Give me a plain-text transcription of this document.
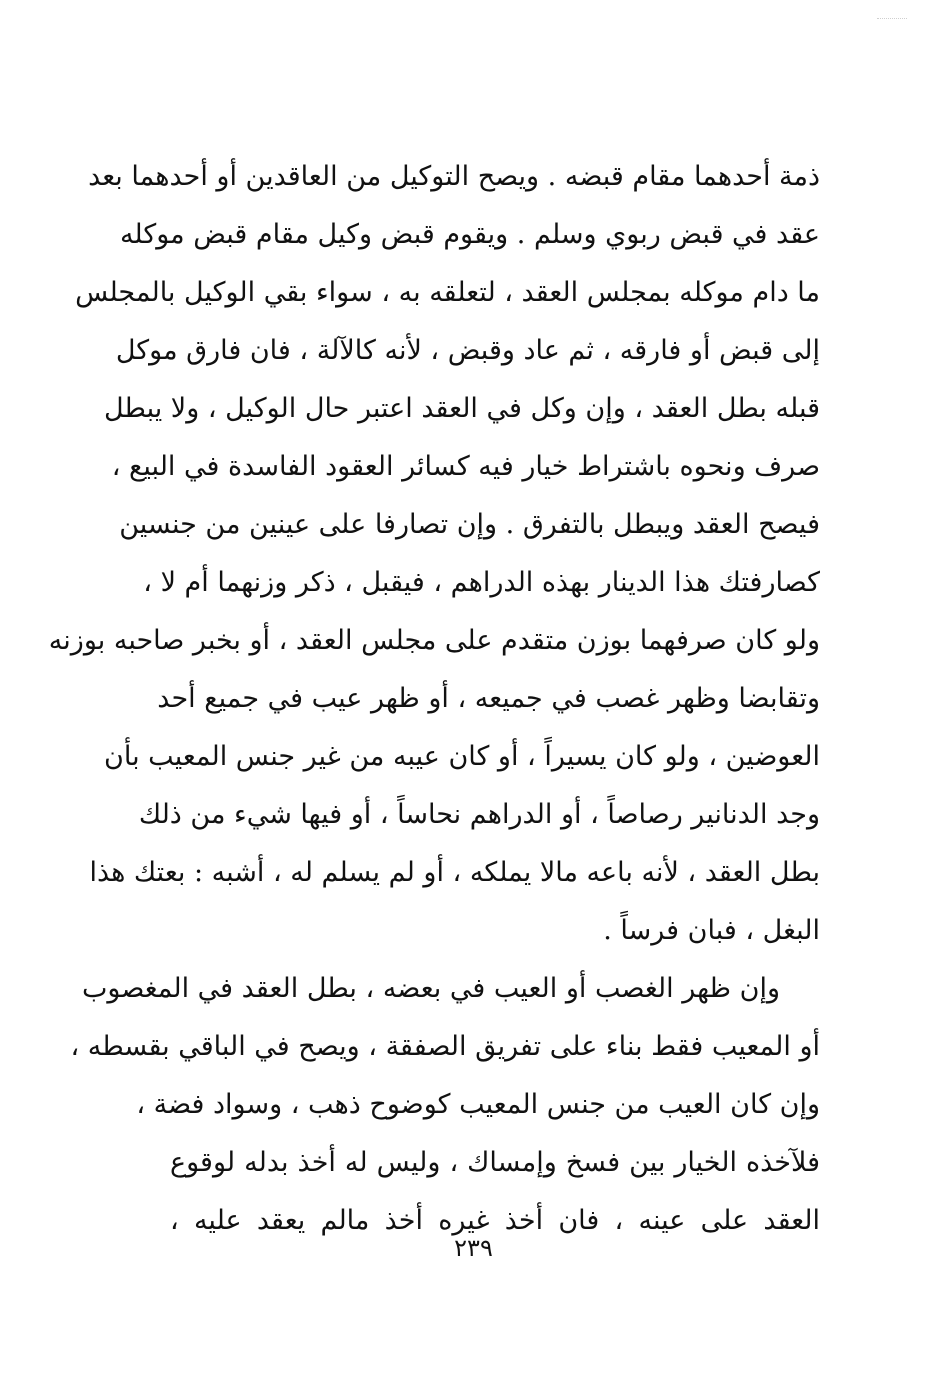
ذمة أحدهما مقام قبضه . ويصح التوكيل من العاقدين أو أحدهما بعد
عقد في قبض ربوي وسلم . ويقوم قبض وكيل مقام قبض موكله
ما دام موكله بمجلس العقد ، لتعلقه به ، سواء بقي الوكيل بالمجلس
إلى قبض أو فارقه ، ثم عاد وقبض ، لأنه كالآلة ، فان فارق موكل
قبله بطل العقد ، وإن وكل في العقد اعتبر حال الوكيل ، ولا يبطل
صرف ونحوه باشتراط خيار فيه كسائر العقود الفاسدة في البيع ،
فيصح العقد ويبطل بالتفرق . وإن تصارفا على عينين من جنسين
كصارفتك هذا الدينار بهذه الدراهم ، فيقبل ، ذكر وزنهما أم لا ،
ولو كان صرفهما بوزن متقدم على مجلس العقد ، أو بخبر صاحبه بوزنه
وتقابضا وظهر غصب في جميعه ، أو ظهر عيب في جميع أحد
العوضين ، ولو كان يسيراً ، أو كان عيبه من غير جنس المعيب بأن
وجد الدنانير رصاصاً ، أو الدراهم نحاساً ، أو فيها شيء من ذلك
بطل العقد ، لأنه باعه مالا يملكه ، أو لم يسلم له ، أشبه : بعتك هذا
البغل ، فبان فرساً .
وإن ظهر الغصب أو العيب في بعضه ، بطل العقد في المغصوب
أو المعيب فقط بناء على تفريق الصفقة ، ويصح في الباقي بقسطه ،
وإن كان العيب من جنس المعيب كوضوح ذهب ، وسواد فضة ،
فلآخذه الخيار بين فسخ وإمساك ، وليس له أخذ بدله لوقوع
العقد على عينه ، فان أخذ غيره أخذ مالم يعقد عليه ،
٢٣٩
